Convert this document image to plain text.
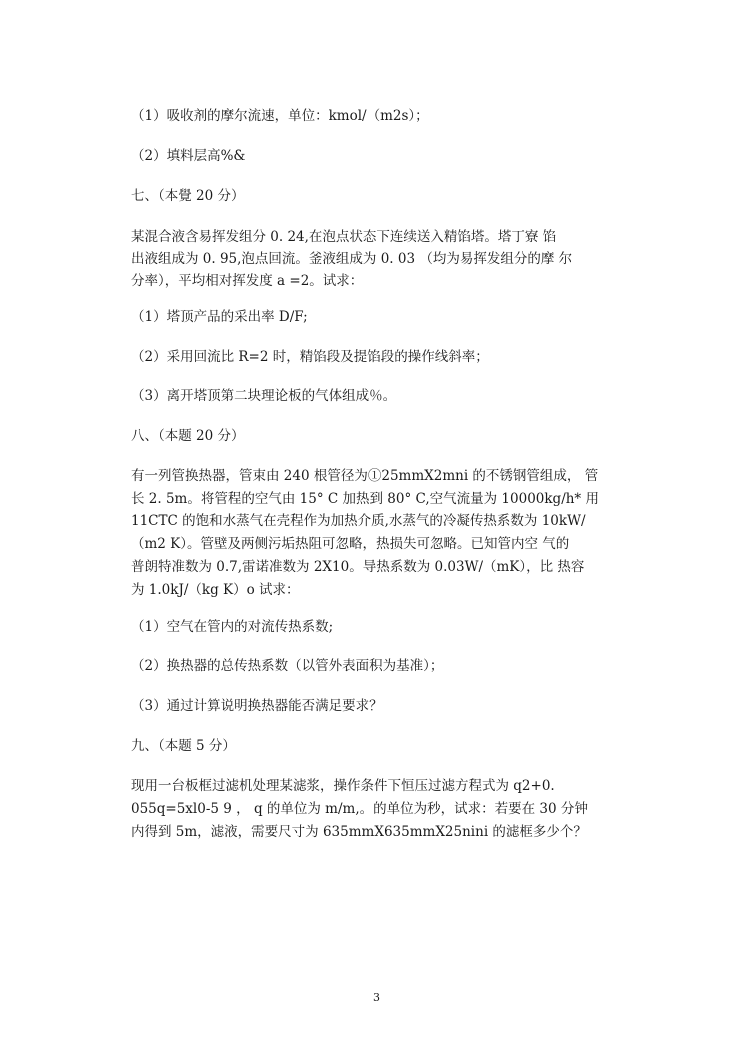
（1）吸收剂的摩尔流速，单位：kmol/（m2s）；

（2）填料层高%&

七、（本覺 20 分）

某混合液含易挥发组分 0. 24,在泡点状态下连续送入精馅塔。塔丁寮 馅

出液组成为 0. 95,泡点回流。釜液组成为 0. 03 （均为易挥发组分的摩 尔

分率），平均相对挥发度 a =2。试求：

（1）塔顶产品的采出率 D/F;

（2）采用回流比 R=2 时，精馅段及提馅段的操作线斜率；

（3）离开塔顶第二块理论板的气体组成％。

八、（本题 20 分）

有一列管换热器，管束由 240 根管径为①25mmX2mni 的不锈钢管组成， 管

长 2. 5m。将管程的空气由 15° C 加热到 80° C,空气流量为 10000kg/h* 用

11CTC 的饱和水蒸气在壳程作为加热介质,水蒸气的冷凝传热系数为 10kW/

（m2 K）。管壁及两侧污垢热阻可忽略，热损失可忽略。已知管内空 气的

普朗特准数为 0.7,雷诺准数为 2X10。导热系数为 0.03W/（mK），比 热容

为 1.0kJ/（kg K）o 试求：

（1）空气在管内的对流传热系数;

（2）换热器的总传热系数（以管外表面积为基准）；

（3）通过计算说明换热器能否满足要求？

九、（本题 5 分）

现用一台板框过滤机处理某滤浆，操作条件下恒压过滤方程式为 q2+0.

055q=5xl0-5 9 ， q 的单位为 m/m,。的单位为秒，试求：若要在 30 分钟

内得到 5m，滤液，需要尺寸为 635mmX635mmX25nini 的滤框多少个？

3
